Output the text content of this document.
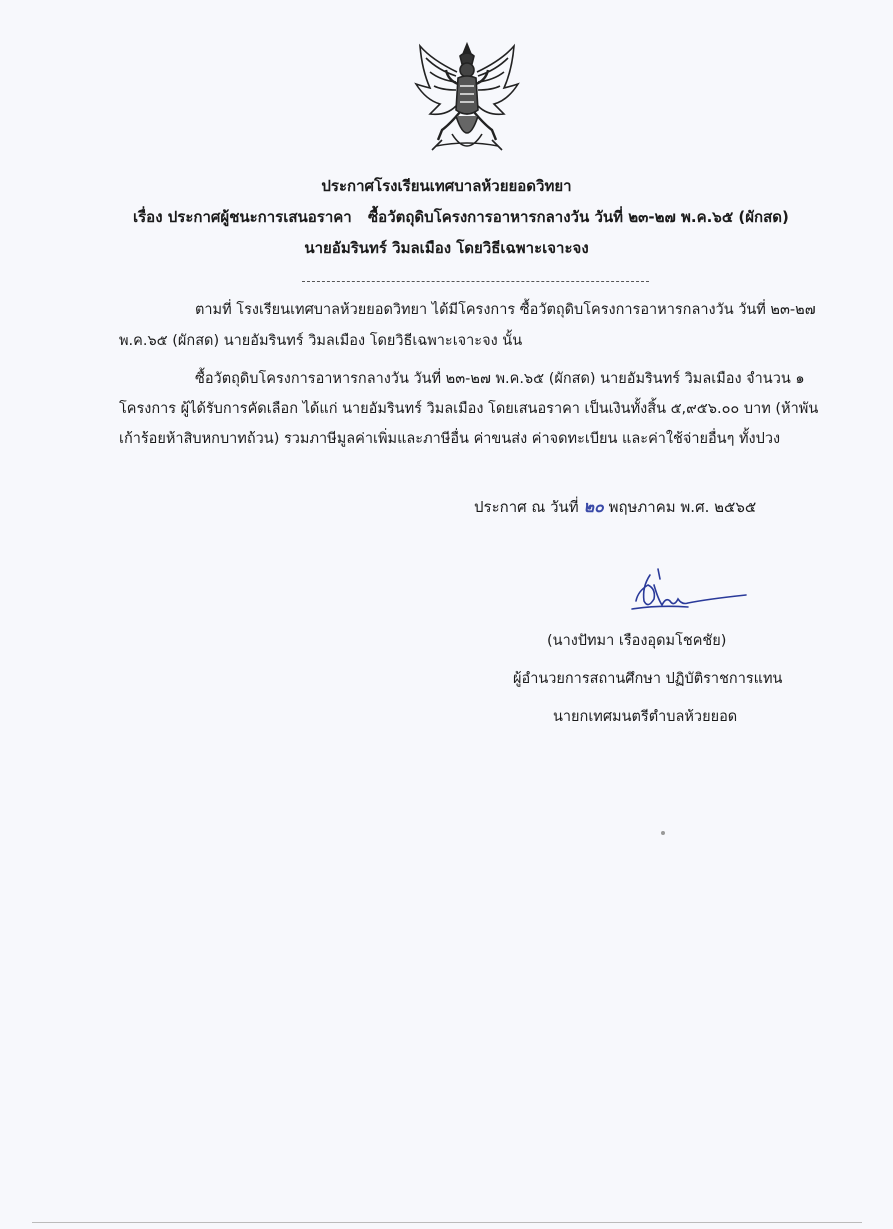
ประกาศโรงเรียนเทศบาลห้วยยอดวิทยา
เรื่อง ประกาศผู้ชนะการเสนอราคา ซื้อวัตถุดิบโครงการอาหารกลางวัน วันที่ ๒๓-๒๗ พ.ค.๖๕ (ผักสด)
นายอัมรินทร์ วิมลเมือง โดยวิธีเฉพาะเจาะจง
ตามที่ โรงเรียนเทศบาลห้วยยอดวิทยา ได้มีโครงการ ซื้อวัตถุดิบโครงการอาหารกลางวัน วันที่ ๒๓-๒๗
พ.ค.๖๕ (ผักสด) นายอัมรินทร์ วิมลเมือง โดยวิธีเฉพาะเจาะจง นั้น
ซื้อวัตถุดิบโครงการอาหารกลางวัน วันที่ ๒๓-๒๗ พ.ค.๖๕ (ผักสด) นายอัมรินทร์ วิมลเมือง จำนวน ๑
โครงการ ผู้ได้รับการคัดเลือก ได้แก่ นายอัมรินทร์ วิมลเมือง โดยเสนอราคา เป็นเงินทั้งสิ้น ๕,๙๕๖.๐๐ บาท (ห้าพัน
เก้าร้อยห้าสิบหกบาทถ้วน) รวมภาษีมูลค่าเพิ่มและภาษีอื่น ค่าขนส่ง ค่าจดทะเบียน และค่าใช้จ่ายอื่นๆ ทั้งปวง
ประกาศ ณ วันที่ ๒๐ พฤษภาคม พ.ศ. ๒๕๖๕
(นางปัทมา เรืองอุดมโชคชัย)
ผู้อำนวยการสถานศึกษา ปฏิบัติราชการแทน
นายกเทศมนตรีตำบลห้วยยอด
